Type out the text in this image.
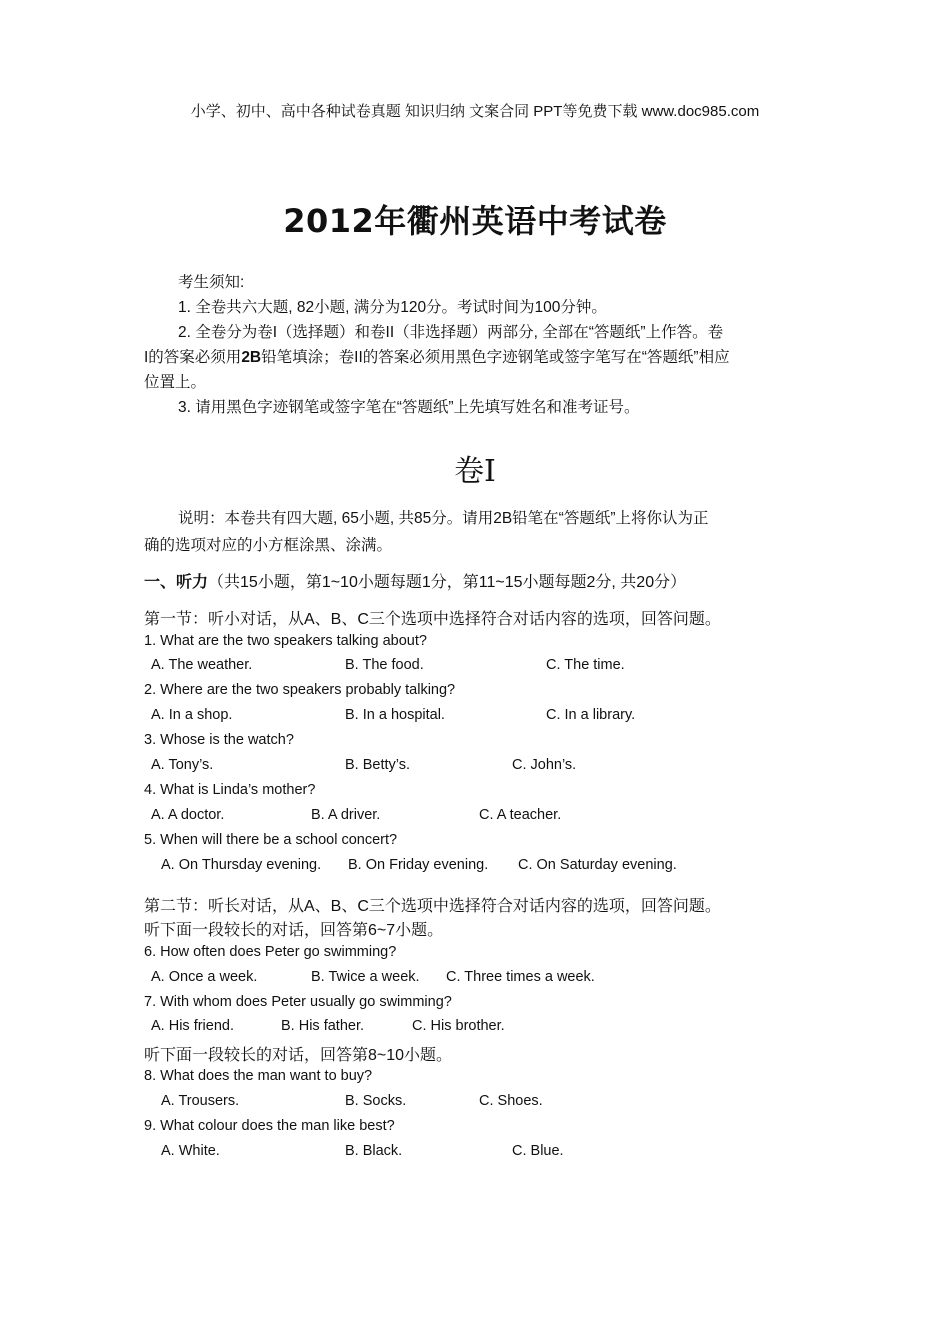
小学、初中、高中各种试卷真题 知识归纳 文案合同 PPT等免费下载 www.doc985.com
2012年衢州英语中考试卷
考生须知:
1. 全卷共六大题, 82小题, 满分为120分。考试时间为100分钟。
2. 全卷分为卷I（选择题）和卷II（非选择题）两部分, 全部在“答题纸”上作答。卷
I的答案必须用2B铅笔填涂；卷II的答案必须用黑色字迹钢笔或签字笔写在“答题纸”相应
位置上。
3. 请用黑色字迹钢笔或签字笔在“答题纸”上先填写姓名和准考证号。
卷I
说明：本卷共有四大题, 65小题, 共85分。请用2B铅笔在“答题纸”上将你认为正
确的选项对应的小方框涂黑、涂满。
一、听力（共15小题，第1~10小题每题1分，第11~15小题每题2分, 共20分）
第一节：听小对话，从A、B、C三个选项中选择符合对话内容的选项，回答问题。
1. What are the two speakers talking about?
A. The weather.	B. The food.	C. The time.
2. Where are the two speakers probably talking?
A. In a shop.	B. In a hospital.	C. In a library.
3. Whose is the watch?
A. Tony’s.	B. Betty’s.	C. John’s.
4. What is Linda’s mother?
A. A doctor.	B. A driver.	C. A teacher.
5. When will there be a school concert?
A. On Thursday evening. B. On Friday evening. C. On Saturday evening.
第二节：听长对话，从A、B、C三个选项中选择符合对话内容的选项，回答问题。
听下面一段较长的对话，回答第6~7小题。
6. How often does Peter go swimming?
A. Once a week.	B. Twice a week. C. Three times a week.
7. With whom does Peter usually go swimming?
A. His friend.	B. His father.	C. His brother.
听下面一段较长的对话，回答第8~10小题。
8. What does the man want to buy?
A. Trousers.	B. Socks.	C. Shoes.
9. What colour does the man like best?
A. White.	B. Black.	C. Blue.
